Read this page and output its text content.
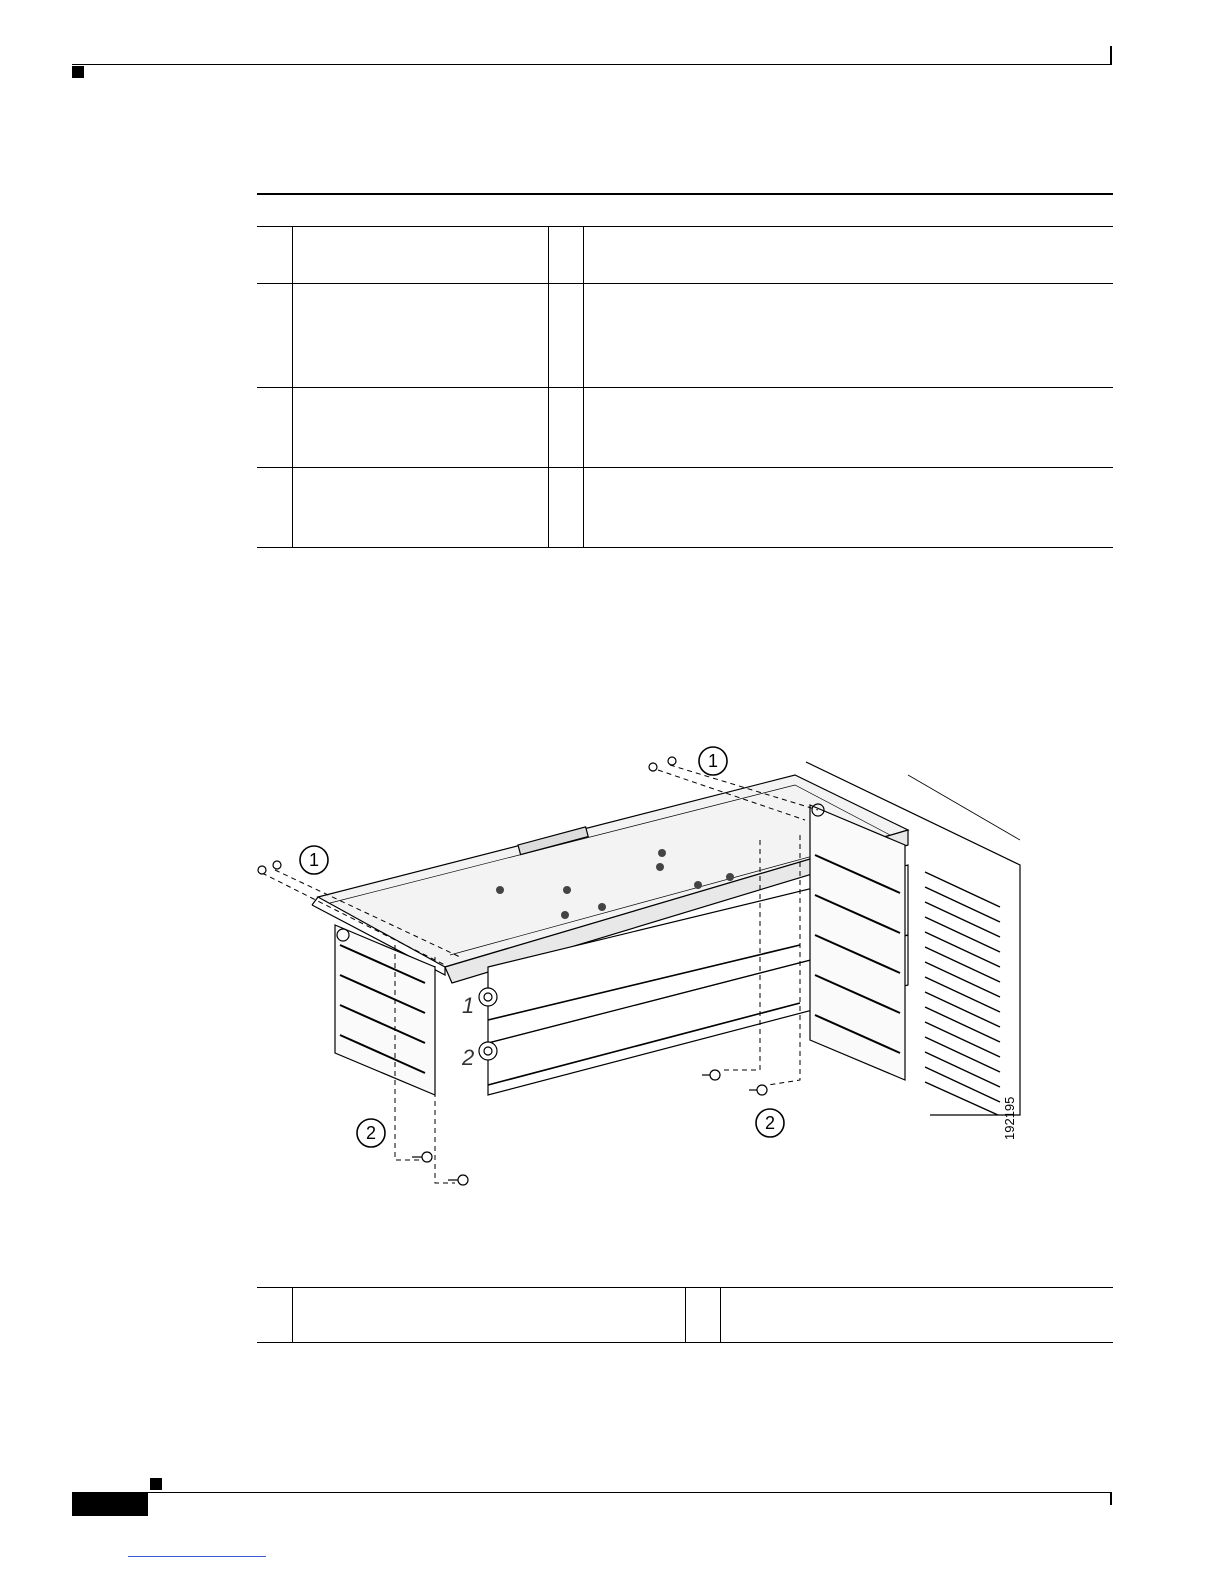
1
1
2	2
1
2
192195
